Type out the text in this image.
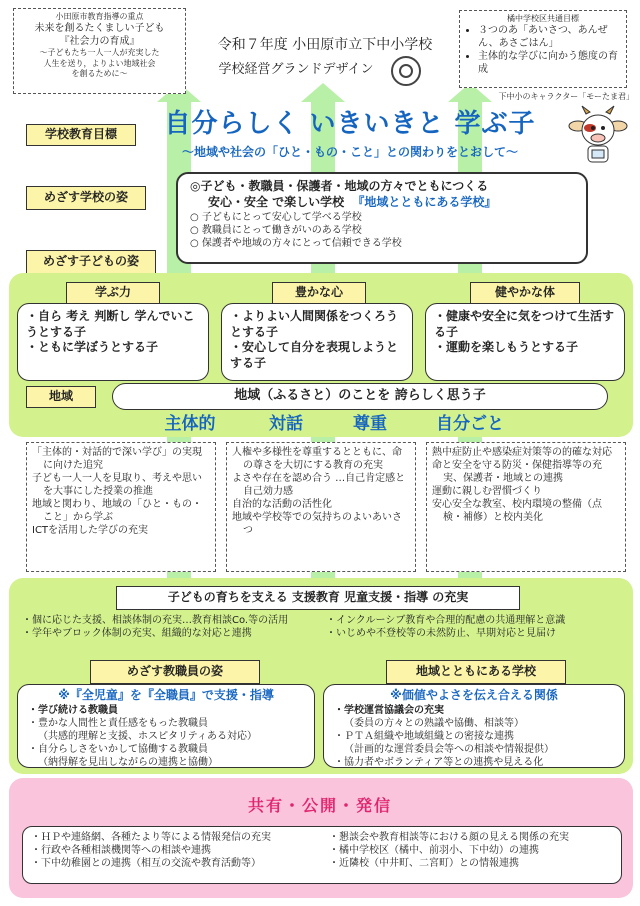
小田原市教育指導の重点
未来を創るたくましい子ども
『社会力の育成』
～子どもたち一人一人が充実した
人生を送り，よりよい地域社会
を創るために～
令和７年度 小田原市立下中小学校
学校経営グランドデザイン
橘中学校区共通目標
• ３つのあ「あいさつ、あんぜん、あさごはん」
• 主体的な学びに向かう態度の育成
下中小のキャラクター「モーたま君」
学校教育目標	自分らしく いきいきと 学ぶ子
～地域や社会の「ひと・もの・こと」との関わりをとおして～
めざす学校の姿
◎子ども・教職員・保護者・地域の方々でともにつくる
安心・安全 で楽しい学校 『地域とともにある学校』
○ 子どもにとって安心して学べる学校
○ 教職員にとって働きがいのある学校
○ 保護者や地域の方々にとって信頼できる学校
めざす子どもの姿
学ぶ力	豊かな心	健やかな体
・自ら 考え 判断し 学んでいこうとする子
・ともに学ぼうとする子
・よりよい人間関係をつくろうとする子
・安心して自分を表現しようとする子
・健康や安全に気をつけて生活する子
・運動を楽しもうとする子
地域	地域（ふるさと）のことを 誇らしく思う子
主体的	対話	尊重	自分ごと
「主体的・対話的で深い学び」の実現に向けた追究
子ども一人一人を見取り、考えや思いを大事にした授業の推進
地域と関わり、地域の「ひと・もの・こと」から学ぶ
ICTを活用した学びの充実
人権や多様性を尊重するとともに、命の尊さを大切にする教育の充実
よさや存在を認め合う …自己肯定感と自己効力感
自治的な活動の活性化
地域や学校等での気持ちのよいあいさつ
熱中症防止や感染症対策等の的確な対応
命と安全を守る防災・保健指導等の充実、保護者・地域との連携
運動に親しむ習慣づくり
安心安全な教室、校内環境の整備（点検・補修）と校内美化
子どもの育ちを支える 支援教育 児童支援・指導 の充実
・個に応じた支援、相談体制の充実…教育相談Co.等の活用
・学年やブロック体制の充実、組織的な対応と連携
・インクルーシブ教育や合理的配慮の共通理解と意識
・いじめや不登校等の未然防止、早期対応と見届け
めざす教職員の姿	地域とともにある学校
※『全児童』を『全職員』で支援・指導
・学び続ける教職員
・豊かな人間性と責任感をもった教職員
（共感的理解と支援、ホスピタリティある対応）
・自分らしさをいかして協働する教職員
（納得解を見出しながらの連携と協働）
※価値やよさを伝え合える関係
・学校運営協議会の充実
（委員の方々との熟議や協働、相談等）
・ＰＴＡ組織や地域組織との密接な連携
（計画的な運営委員会等への相談や情報提供）
・協力者やボランティア等との連携や見える化
共有・公開・発信
・ＨＰや連絡網、各種たより等による情報発信の充実
・行政や各種相談機関等への相談や連携
・下中幼稚園との連携（相互の交流や教育活動等）
・懇談会や教育相談等における顔の見える関係の充実
・橘中学校区（橘中、前羽小、下中幼）の連携
・近隣校（中井町、二宮町）との情報連携
